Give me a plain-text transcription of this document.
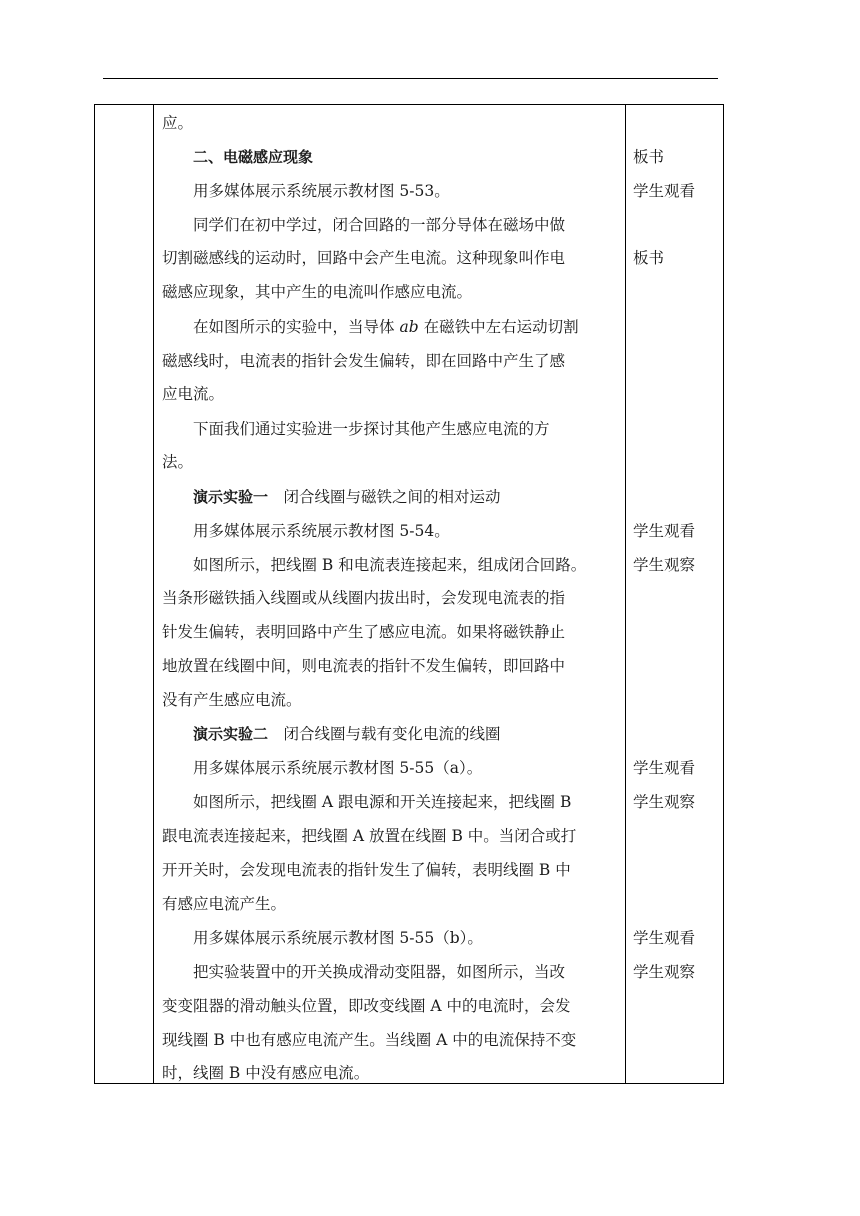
应。
二、电磁感应现象
用多媒体展示系统展示教材图 5-53。
同学们在初中学过，闭合回路的一部分导体在磁场中做
切割磁感线的运动时，回路中会产生电流。这种现象叫作电
磁感应现象，其中产生的电流叫作感应电流。
在如图所示的实验中，当导体 ab 在磁铁中左右运动切割
磁感线时，电流表的指针会发生偏转，即在回路中产生了感
应电流。
下面我们通过实验进一步探讨其他产生感应电流的方
法。
演示实验一　 闭合线圈与磁铁之间的相对运动
用多媒体展示系统展示教材图 5-54。
如图所示，把线圈 B 和电流表连接起来，组成闭合回路。
当条形磁铁插入线圈或从线圈内拔出时，会发现电流表的指
针发生偏转，表明回路中产生了感应电流。如果将磁铁静止
地放置在线圈中间，则电流表的指针不发生偏转，即回路中
没有产生感应电流。
演示实验二　 闭合线圈与载有变化电流的线圈
用多媒体展示系统展示教材图 5-55（a）。
如图所示，把线圈 A 跟电源和开关连接起来，把线圈 B
跟电流表连接起来，把线圈 A 放置在线圈 B 中。当闭合或打
开开关时，会发现电流表的指针发生了偏转，表明线圈 B 中
有感应电流产生。
用多媒体展示系统展示教材图 5-55（b）。
把实验装置中的开关换成滑动变阻器，如图所示，当改
变变阻器的滑动触头位置，即改变线圈 A 中的电流时，会发
现线圈 B 中也有感应电流产生。当线圈 A 中的电流保持不变
时，线圈 B 中没有感应电流。
板书
学生观看
板书
学生观看
学生观察
学生观看
学生观察
学生观看
学生观察
